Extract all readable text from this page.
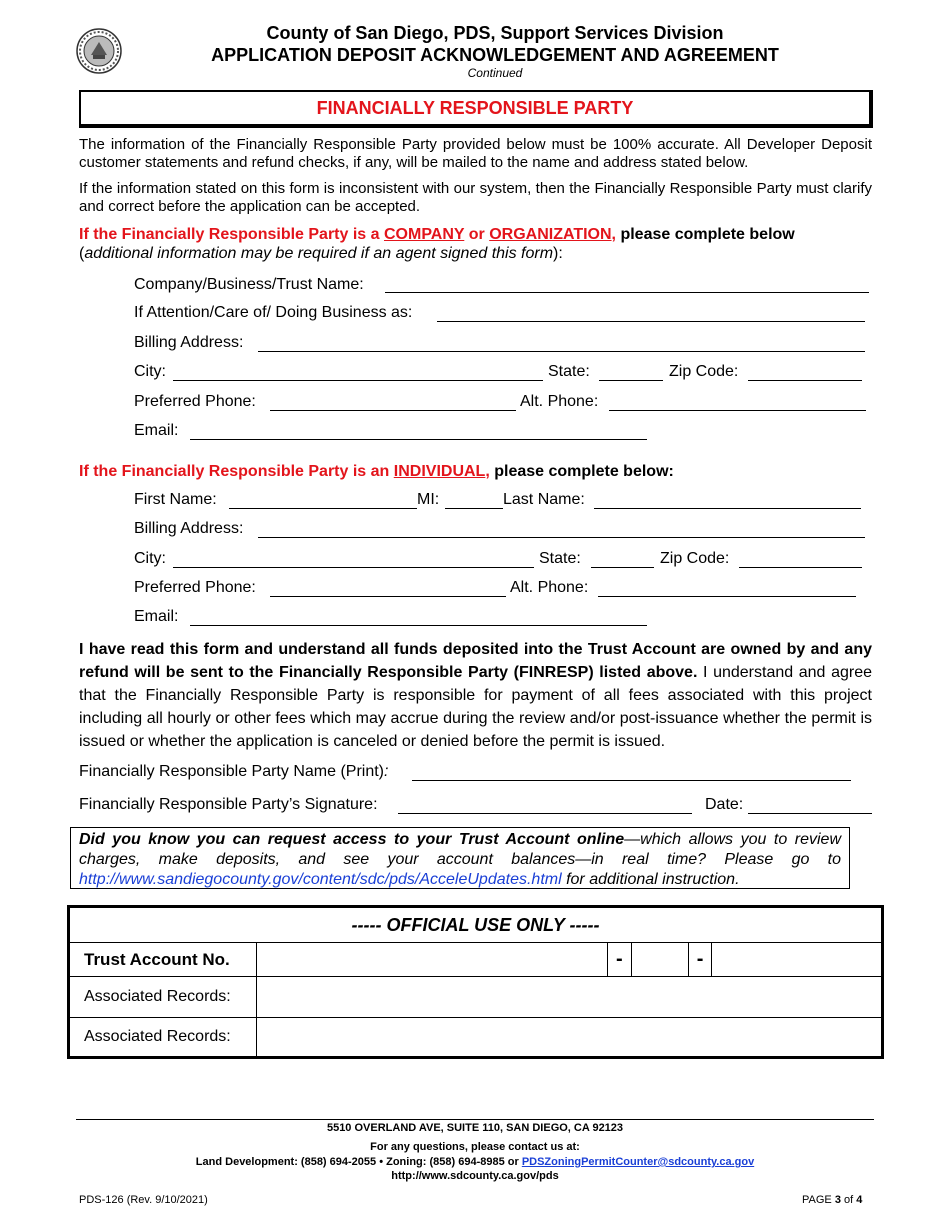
County of San Diego, PDS, Support Services Division
APPLICATION DEPOSIT ACKNOWLEDGEMENT AND AGREEMENT
Continued
FINANCIALLY RESPONSIBLE PARTY
The information of the Financially Responsible Party provided below must be 100% accurate. All Developer Deposit customer statements and refund checks, if any, will be mailed to the name and address stated below.
If the information stated on this form is inconsistent with our system, then the Financially Responsible Party must clarify and correct before the application can be accepted.
If the Financially Responsible Party is a COMPANY or ORGANIZATION, please complete below
(additional information may be required if an agent signed this form):
Company/Business/Trust Name:
If Attention/Care of/ Doing Business as:
Billing Address:
City:	State:	Zip Code:
Preferred Phone:	Alt. Phone:
Email:
If the Financially Responsible Party is an INDIVIDUAL, please complete below:
First Name:	MI:	Last Name:
Billing Address:
City:	State:	Zip Code:
Preferred Phone:	Alt. Phone:
Email:
I have read this form and understand all funds deposited into the Trust Account are owned by and any refund will be sent to the Financially Responsible Party (FINRESP) listed above. I understand and agree that the Financially Responsible Party is responsible for payment of all fees associated with this project including all hourly or other fees which may accrue during the review and/or post-issuance whether the permit is issued or whether the application is canceled or denied before the permit is issued.
Financially Responsible Party Name (Print):
Financially Responsible Party’s Signature:	Date:

Did you know you can request access to your Trust Account online—which allows you to review charges, make deposits, and see your account balances—in real time? Please go to http://www.sandiegocounty.gov/content/sdc/pds/AcceleUpdates.html for additional instruction.

----- OFFICIAL USE ONLY -----					
Trust Account No.		-		-	
Associated Records:					
Associated Records:					
5510 OVERLAND AVE, SUITE 110, SAN DIEGO, CA 92123
For any questions, please contact us at:
Land Development: (858) 694-2055 • Zoning: (858) 694-8985 or PDSZoningPermitCounter@sdcounty.ca.gov
http://www.sdcounty.ca.gov/pds
PDS-126 (Rev. 9/10/2021)	PAGE 3 of 4
